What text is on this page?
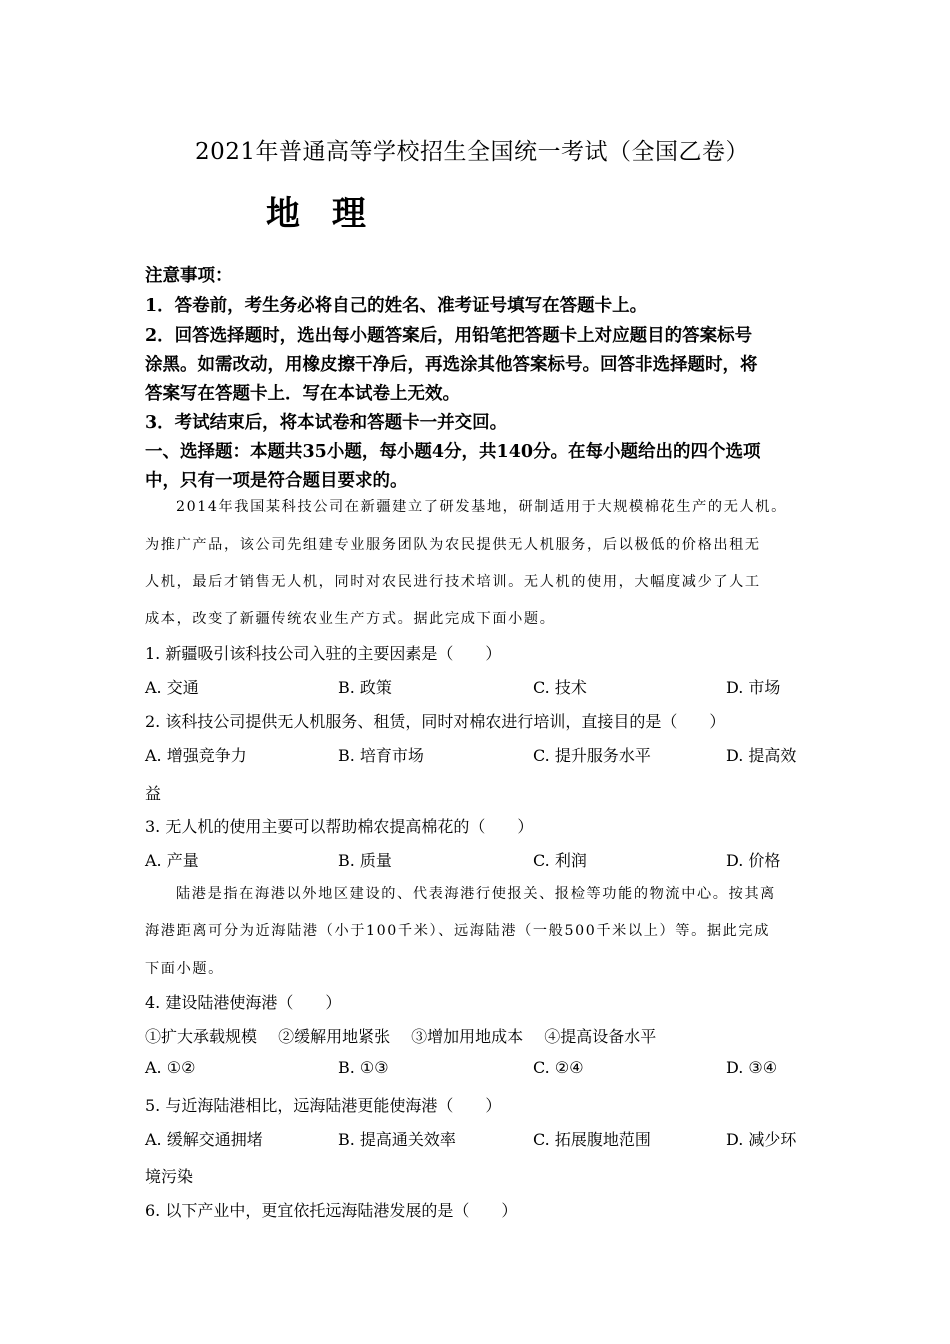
2021年普通高等学校招生全国统一考试（全国乙卷）
地 理
注意事项：
1．答卷前，考生务必将自己的姓名、准考证号填写在答题卡上。
2．回答选择题时，选出每小题答案后，用铅笔把答题卡上对应题目的答案标号
涂黑。如需改动，用橡皮擦干净后，再选涂其他答案标号。回答非选择题时，将
答案写在答题卡上．写在本试卷上无效。
3．考试结束后，将本试卷和答题卡一并交回。
一、选择题：本题共35小题，每小题4分，共140分。在每小题给出的四个选项
中，只有一项是符合题目要求的。
2014年我国某科技公司在新疆建立了研发基地，研制适用于大规模棉花生产的无人机。
为推广产品，该公司先组建专业服务团队为农民提供无人机服务，后以极低的价格出租无
人机，最后才销售无人机，同时对农民进行技术培训。无人机的使用，大幅度减少了人工
成本，改变了新疆传统农业生产方式。据此完成下面小题。
1. 新疆吸引该科技公司入驻的主要因素是（　　）
A. 交通	B. 政策	C. 技术	D. 市场
2. 该科技公司提供无人机服务、租赁，同时对棉农进行培训，直接目的是（　　）
A. 增强竞争力	B. 培育市场	C. 提升服务水平	D. 提高效
益
3. 无人机的使用主要可以帮助棉农提高棉花的（　　）
A. 产量	B. 质量	C. 利润	D. 价格
陆港是指在海港以外地区建设的、代表海港行使报关、报检等功能的物流中心。按其离
海港距离可分为近海陆港（小于100千米）、远海陆港（一般500千米以上）等。据此完成
下面小题。
4. 建设陆港使海港（　　）
①扩大承载规模　 ②缓解用地紧张　 ③增加用地成本　 ④提高设备水平
A. ①②	B. ①③	C. ②④	D. ③④
5. 与近海陆港相比，远海陆港更能使海港（　　）
A. 缓解交通拥堵	B. 提高通关效率	C. 拓展腹地范围	D. 减少环
境污染
6. 以下产业中，更宜依托远海陆港发展的是（　　）
